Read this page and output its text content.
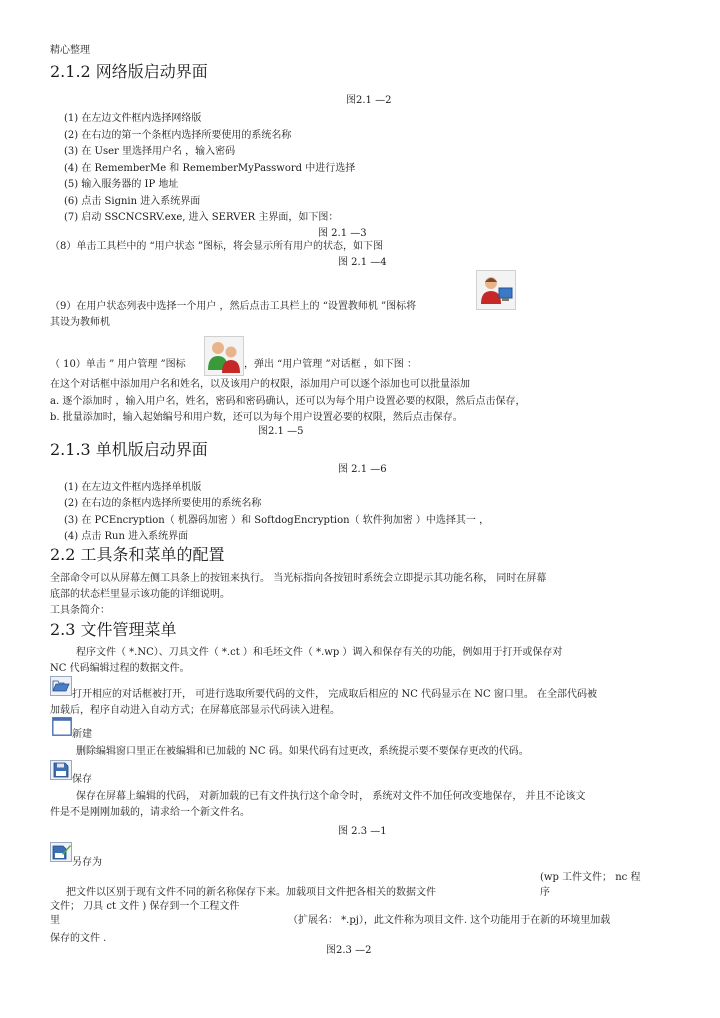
精心整理
2.1.2 网络版启动界面
图2.1 —2
(1) 在左边文件框内选择网络版
(2) 在右边的第一个条框内选择所要使用的系统名称
(3) 在 User 里选择用户名 ，输入密码
(4) 在 RememberMe 和 RememberMyPassword 中进行选择
(5) 输入服务器的 IP 地址
(6) 点击 Signin 进入系统界面
(7) 启动 SSCNCSRV.exe, 进入 SERVER 主界面，如下图：
图 2.1 —3
（8）单击工具栏中的 “用户状态 ”图标，将会显示所有用户的状态，如下图
图 2.1 —4
（9）在用户状态列表中选择一个用户 ，然后点击工具栏上的 “设置教师机 ”图标将
其设为教师机
（ 10）单击 ” 用户管理 ”图标	，弹出 “用户管理 ”对话框 ，如下图 ：
在这个对话框中添加用户名和姓名，以及该用户的权限，添加用户可以逐个添加也可以批量添加
a. 逐个添加时 ，输入用户名，姓名，密码和密码确认，还可以为每个用户设置必要的权限，然后点击保存，
b. 批量添加时，输入起始编号和用户数，还可以为每个用户设置必要的权限，然后点击保存。
图2.1 —5
2.1.3 单机版启动界面
图 2.1 —6
(1) 在左边文件框内选择单机版
(2) 在右边的条框内选择所要使用的系统名称
(3) 在 PCEncryption（ 机器码加密 ）和 SoftdogEncryption（ 软件狗加密 ）中选择其一 ，
(4) 点击 Run 进入系统界面
2.2 工具条和菜单的配置
全部命令可以从屏幕左侧工具条上的按钮来执行。 当光标指向各按钮时系统会立即提示其功能名称， 同时在屏幕
底部的状态栏里显示该功能的详细说明。
工具条简介：
2.3 文件管理菜单
程序文件（ *.NC）、刀具文件（ *.ct ）和毛坯文件（ *.wp ）调入和保存有关的功能，例如用于打开或保存对
NC 代码编辑过程的数据文件。
打开相应的对话框被打开， 可进行选取所要代码的文件， 完成取后相应的 NC 代码显示在 NC 窗口里。 在全部代码被
加载后，程序自动进入自动方式；在屏幕底部显示代码读入进程。
新建
删除编辑窗口里正在被编辑和已加载的 NC 码。如果代码有过更改，系统提示要不要保存更改的代码。
保存
保存在屏幕上编辑的代码， 对新加载的已有文件执行这个命令时， 系统对文件不加任何改变地保存， 并且不论该文
件是不是刚刚加载的，请求给一个新文件名。
图 2.3 —1
另存为
(wp 工件文件； nc 程
把文件以区别于现有文件不同的新名称保存下来。加载项目文件把各相关的数据文件	序
文件； 刀具 ct 文件 ) 保存到一个工程文件
里	（扩展名： *.pj），此文件称为项目文件. 这个功能用于在新的环境里加载
保存的文件 .
图2.3 —2
